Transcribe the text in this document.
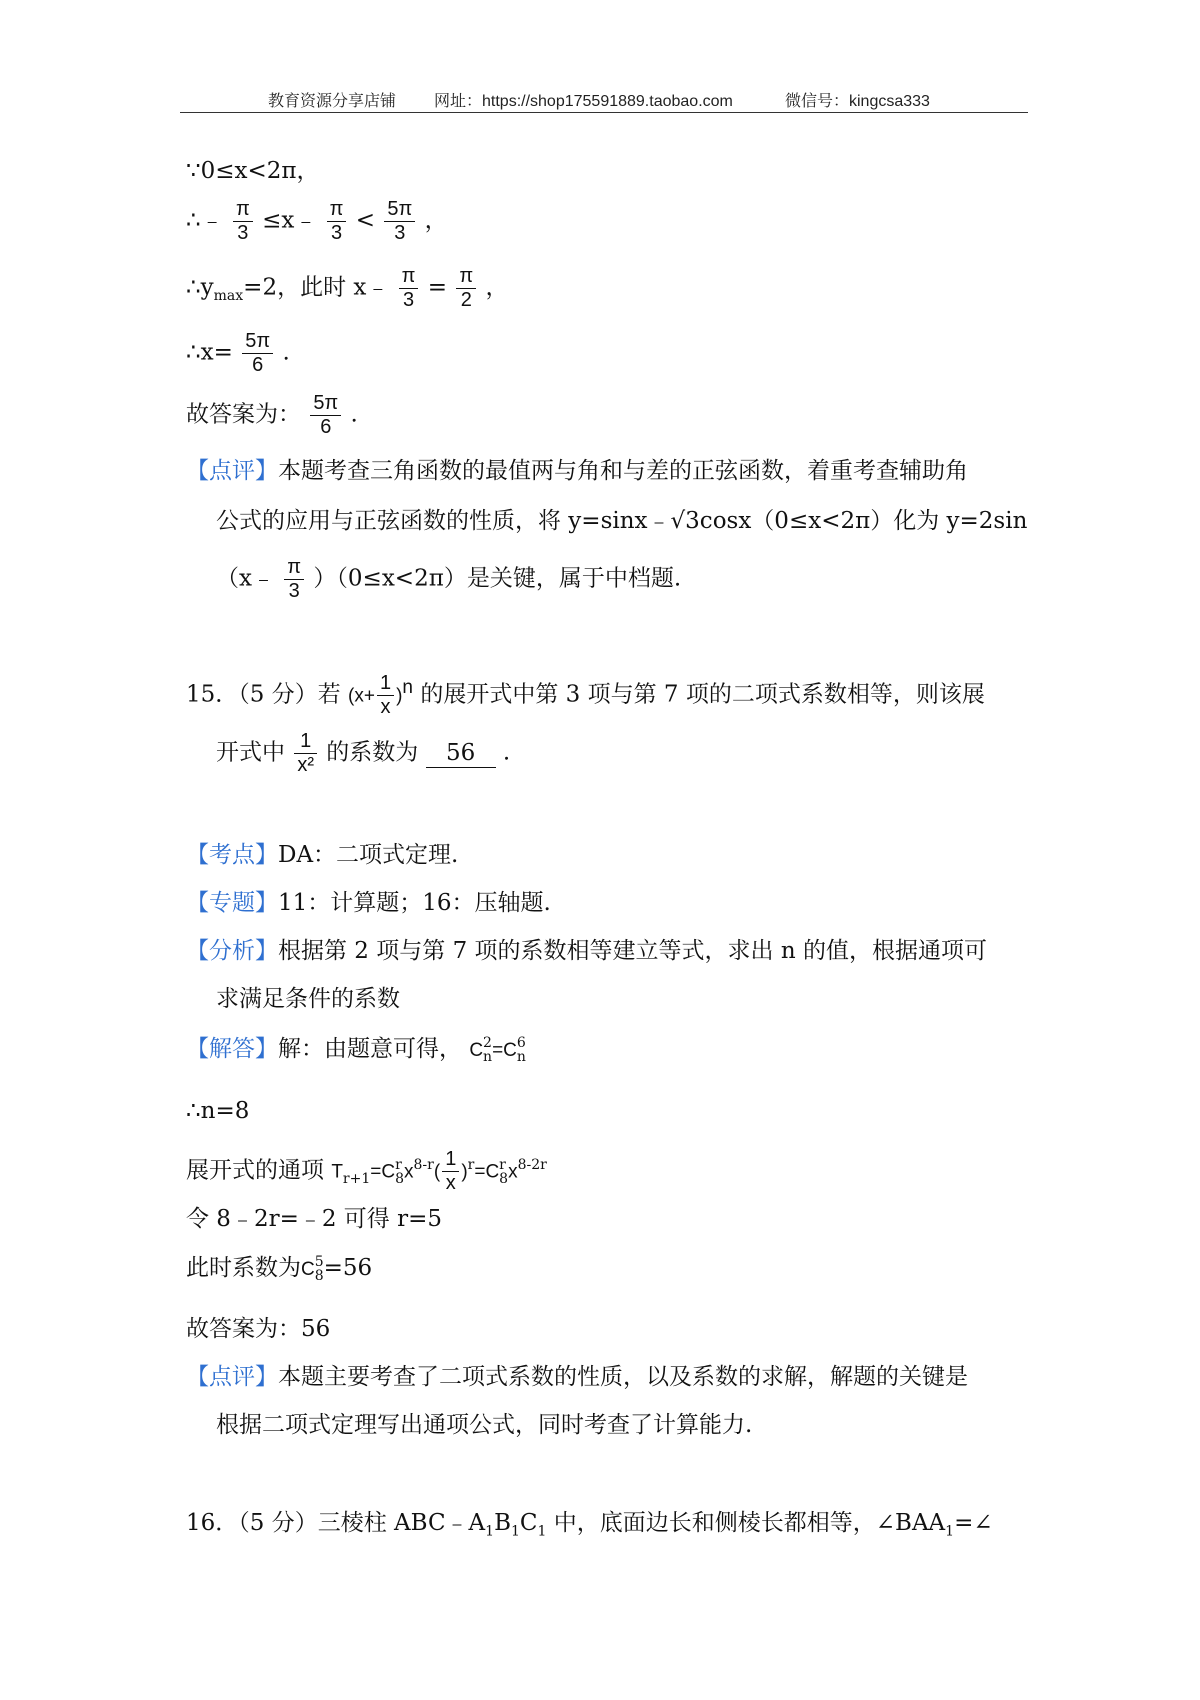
教育资源分享店铺 网址：https://shop175591889.taobao.com	微信号：kingcsa333
∵0≤x<2π，
∴﹣ $\frac{\pi}{3}$ ≤x﹣ $\frac{\pi}{3} < \frac{5\pi}{3}$ ，
$\therefore y_{max}=2$，此时 x﹣ $\frac{\pi}{3} = \frac{\pi}{2}$ ，
∴x= $\frac{5\pi}{6}$ .
故答案为： $\frac{5\pi}{6}$ .
【点评】本题考查三角函数的最值两与角和与差的正弦函数，着重考查辅助角
公式的应用与正弦函数的性质，将 y=sinx﹣√3cosx（0≤x<2π）化为 y=2sin
（x﹣ $\frac{\pi}{3} )(0\le x<2\pi)$是关键，属于中档题.
15．（5 分）若 $(x+ \frac{1}{x} )^n$ 的展开式中第 3 项与第 7 项的二项式系数相等，则该展
开式中 $\frac{1}{\text{x²}}$ 的系数为 56 .
【考点】DA：二项式定理.
【专题】11：计算题；16：压轴题.
【分析】根据第 2 项与第 7 项的系数相等建立等式，求出 n 的值，根据通项可
求满足条件的系数
【解答】解：由题意可得， C 2
n =C 6
n
∴n=8
展开式的通项 $T_{r+1}=C$ r
8 $x^{8-r}( \frac{1}{x} )^r=C$ r
8 $x^{8-2r}$
令 8﹣2r=﹣2 可得 r=5
此时系数为C 5
8 =56
故答案为：56
【点评】本题主要考查了二项式系数的性质，以及系数的求解，解题的关键是
根据二项式定理写出通项公式，同时考查了计算能力.
16．（5 分）三棱柱 $ABC﹣A_1B_1C_1$ 中，底面边长和侧棱长都相等，$\angle BAA_1=\angle$
